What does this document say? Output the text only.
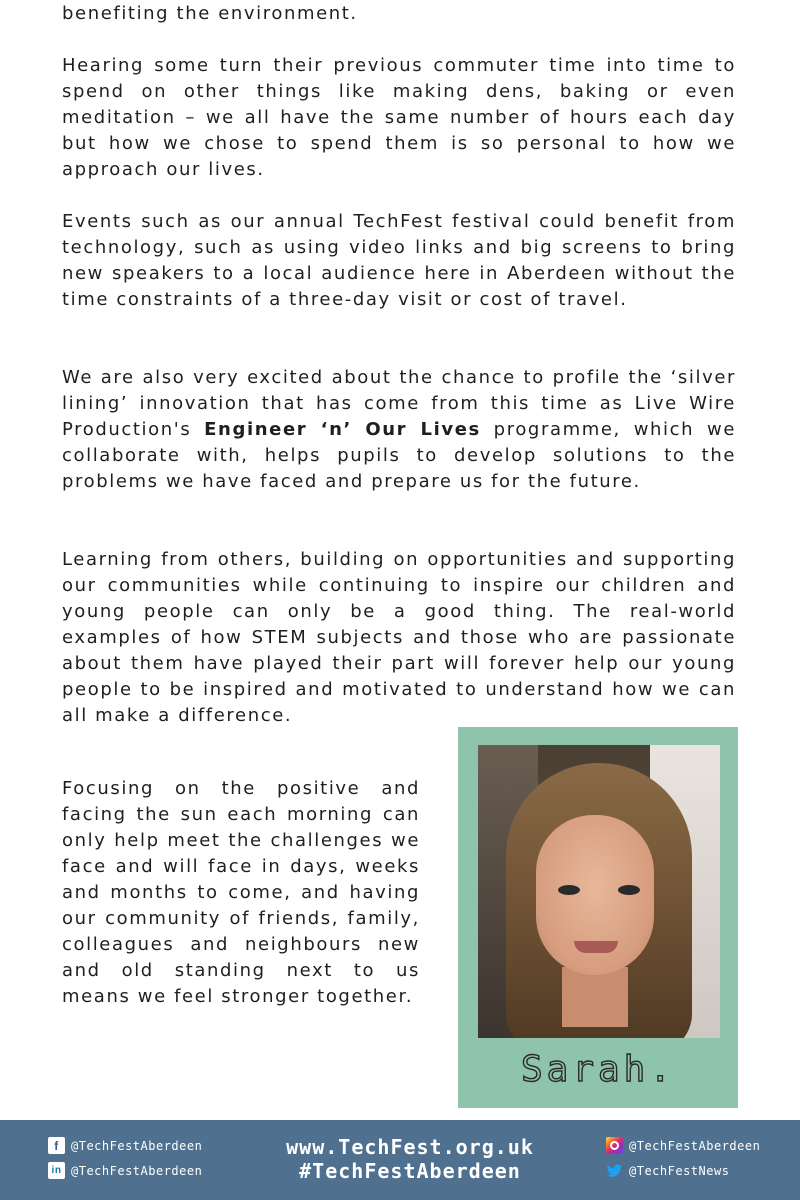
benefiting the environment.

Hearing some turn their previous commuter time into time to spend on other things like making dens, baking or even meditation – we all have the same number of hours each day but how we chose to spend them is so personal to how we approach our lives.

Events such as our annual TechFest festival could benefit from technology, such as using video links and big screens to bring new speakers to a local audience here in Aberdeen without the time constraints of a three-day visit or cost of travel.

We are also very excited about the chance to profile the ‘silver lining’ innovation that has come from this time as Live Wire Production's Engineer ‘n’ Our Lives programme, which we collaborate with, helps pupils to develop solutions to the problems we have faced and prepare us for the future.

Learning from others, building on opportunities and supporting our communities while continuing to inspire our children and young people can only be a good thing. The real-world examples of how STEM subjects and those who are passionate about them have played their part will forever help our young people to be inspired and motivated to understand how we can all make a difference.

Focusing on the positive and facing the sun each morning can only help meet the challenges we face and will face in days, weeks and months to come, and having our community of friends, family, colleagues and neighbours new and old standing next to us means we feel stronger together.

Sarah.
f	@TechFestAberdeen
in @TechFestAberdeen
www.TechFest.org.uk
#TechFestAberdeen
@TechFestAberdeen
@TechFestNews
